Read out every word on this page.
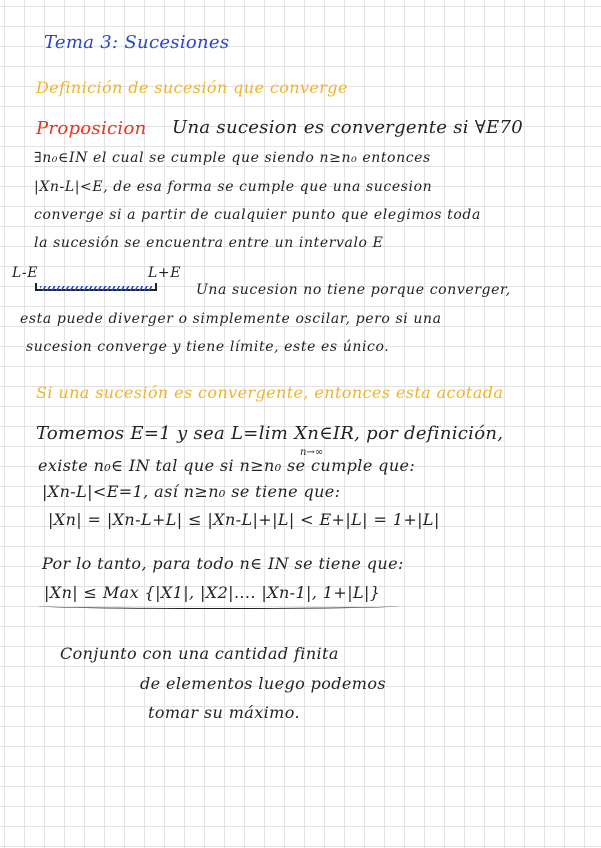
Tema 3: Sucesiones

Definición de sucesión que converge

Proposicion Una sucesion es convergente si ∀E70

∃n₀∈IN el cual se cumple que siendo n≥n₀ entonces

|Xn-L|<E, de esa forma se cumple que una sucesion

converge si a partir de cualquier punto que elegimos toda

la sucesión se encuentra entre un intervalo E

L-E	L+E

Una sucesion no tiene porque converger,

esta puede diverger o simplemente oscilar, pero si una

sucesion converge y tiene límite, este es único.

Si una sucesión es convergente, entonces esta acotada

Tomemos E=1 y sea L=lim Xn∈IR, por definición,

n→∞

existe n₀∈ IN tal que si n≥n₀ se cumple que:

|Xn-L|<E=1, así n≥n₀ se tiene que:

|Xn| = |Xn-L+L| ≤ |Xn-L|+|L| < E+|L| = 1+|L|

Por lo tanto, para todo n∈ IN se tiene que:

|Xn| ≤ Max {|X1|, |X2|.... |Xn-1|, 1+|L|}

Conjunto con una cantidad finita

de elementos luego podemos

tomar su máximo.
